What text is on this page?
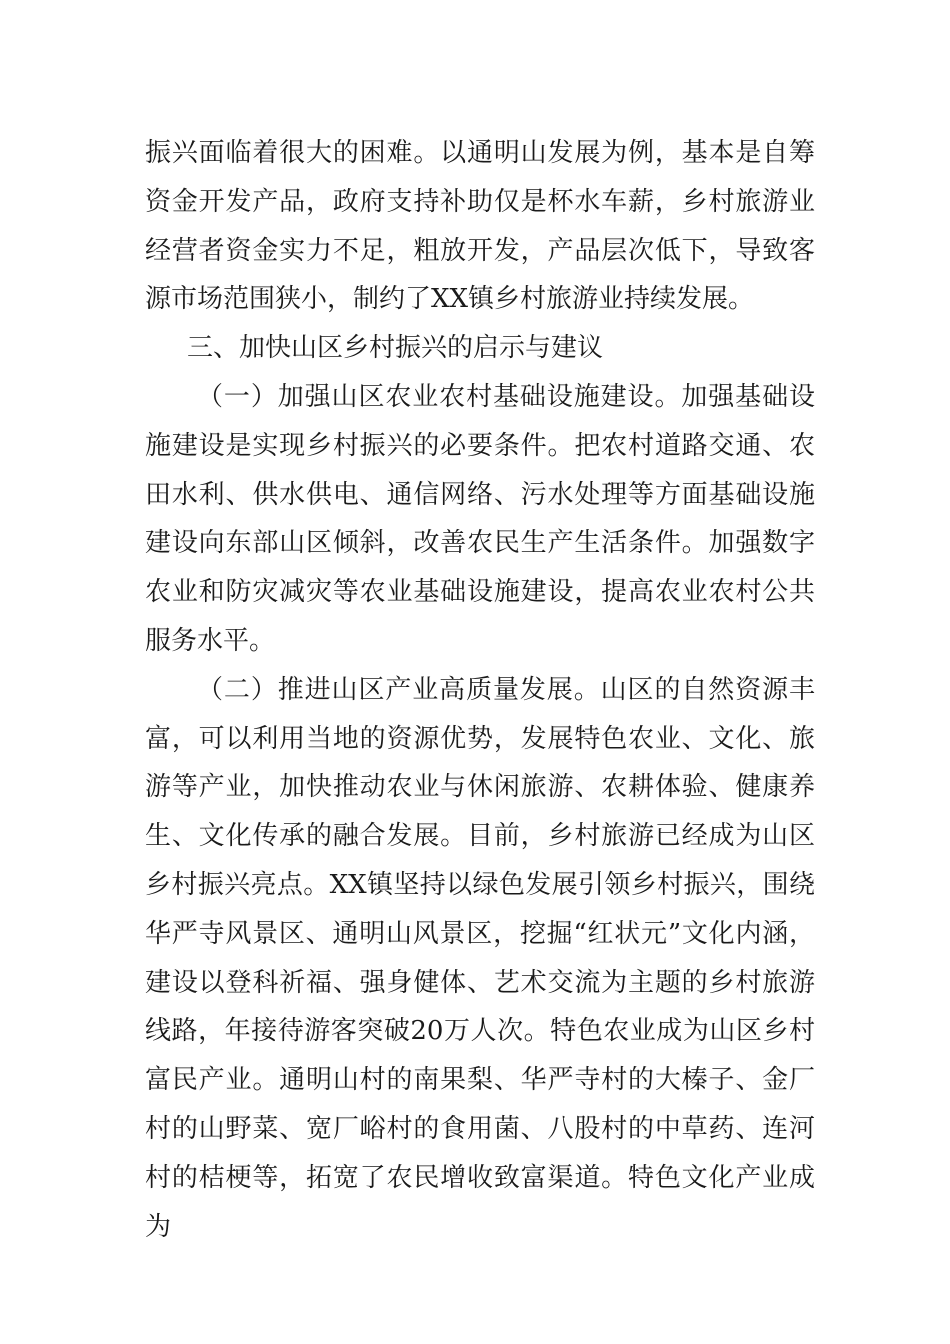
振兴面临着很大的困难。以通明山发展为例，基本是自筹资金开发产品，政府支持补助仅是杯水车薪，乡村旅游业经营者资金实力不足，粗放开发，产品层次低下，导致客源市场范围狭小，制约了XX镇乡村旅游业持续发展。

三、加快山区乡村振兴的启示与建议

（一）加强山区农业农村基础设施建设。加强基础设施建设是实现乡村振兴的必要条件。把农村道路交通、农田水利、供水供电、通信网络、污水处理等方面基础设施建设向东部山区倾斜，改善农民生产生活条件。加强数字农业和防灾减灾等农业基础设施建设，提高农业农村公共服务水平。

（二）推进山区产业高质量发展。山区的自然资源丰富，可以利用当地的资源优势，发展特色农业、文化、旅游等产业，加快推动农业与休闲旅游、农耕体验、健康养生、文化传承的融合发展。目前，乡村旅游已经成为山区乡村振兴亮点。XX镇坚持以绿色发展引领乡村振兴，围绕华严寺风景区、通明山风景区，挖掘“红状元”文化内涵，建设以登科祈福、强身健体、艺术交流为主题的乡村旅游线路，年接待游客突破20万人次。特色农业成为山区乡村富民产业。通明山村的南果梨、华严寺村的大榛子、金厂村的山野菜、宽厂峪村的食用菌、八股村的中草药、连河村的桔梗等，拓宽了农民增收致富渠道。特色文化产业成为
